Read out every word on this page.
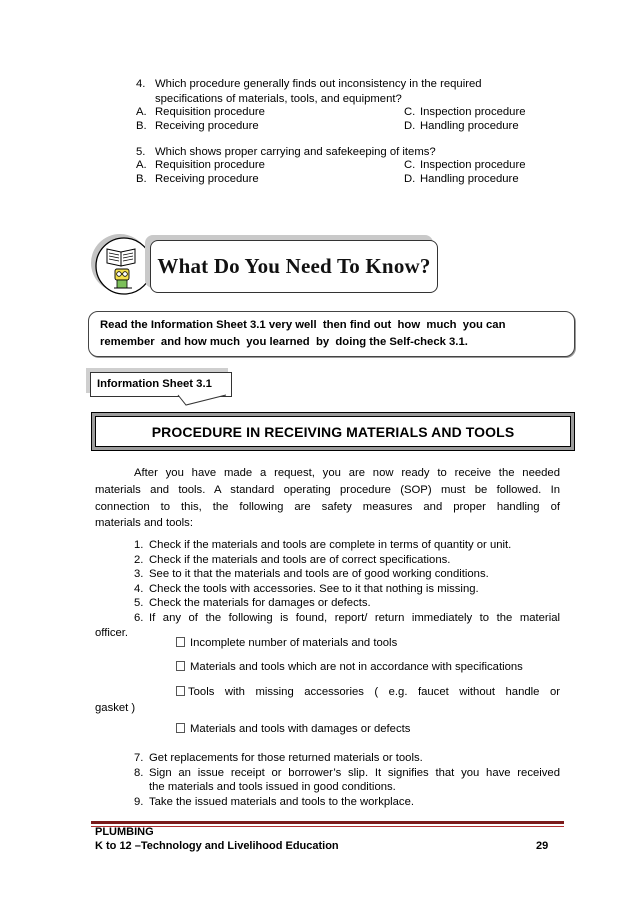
4. Which procedure generally finds out inconsistency in the required
specifications of materials, tools, and equipment?
A. Requisition procedure	C. Inspection procedure
B. Receiving procedure	D. Handling procedure
5. Which shows proper carrying and safekeeping of items?
A. Requisition procedure	C. Inspection procedure
B. Receiving procedure	D. Handling procedure
What Do You Need To Know?
Read the Information Sheet 3.1 very well  then find out  how  much  you can
remember  and how much  you learned  by  doing the Self-check 3.1.
Information Sheet 3.1
PROCEDURE IN RECEIVING MATERIALS AND TOOLS
After you have made a request, you are now ready to receive the needed
materials and tools. A standard operating procedure (SOP) must be followed. In
connection to this, the following are safety measures and proper handling of
materials and tools:
1. Check if the materials and tools are complete in terms of quantity or unit.
2. Check if the materials and tools are of correct specifications.
3. See to it that the materials and tools are of good working conditions.
4. Check the tools with accessories. See to it that nothing is missing.
5. Check the materials for damages or defects.
6. If any of the following is found, report/ return immediately to the material
officer.
Incomplete number of materials and tools
Materials and tools which are not in accordance with specifications
Tools with missing accessories ( e.g. faucet without handle or
gasket )
Materials and tools with damages or defects
7. Get replacements for those returned materials or tools.
8. Sign an issue receipt or borrower’s slip. It signifies that you have received
the materials and tools issued in good conditions.
9. Take the issued materials and tools to the workplace.
PLUMBING
K to 12 –Technology and Livelihood Education	29
